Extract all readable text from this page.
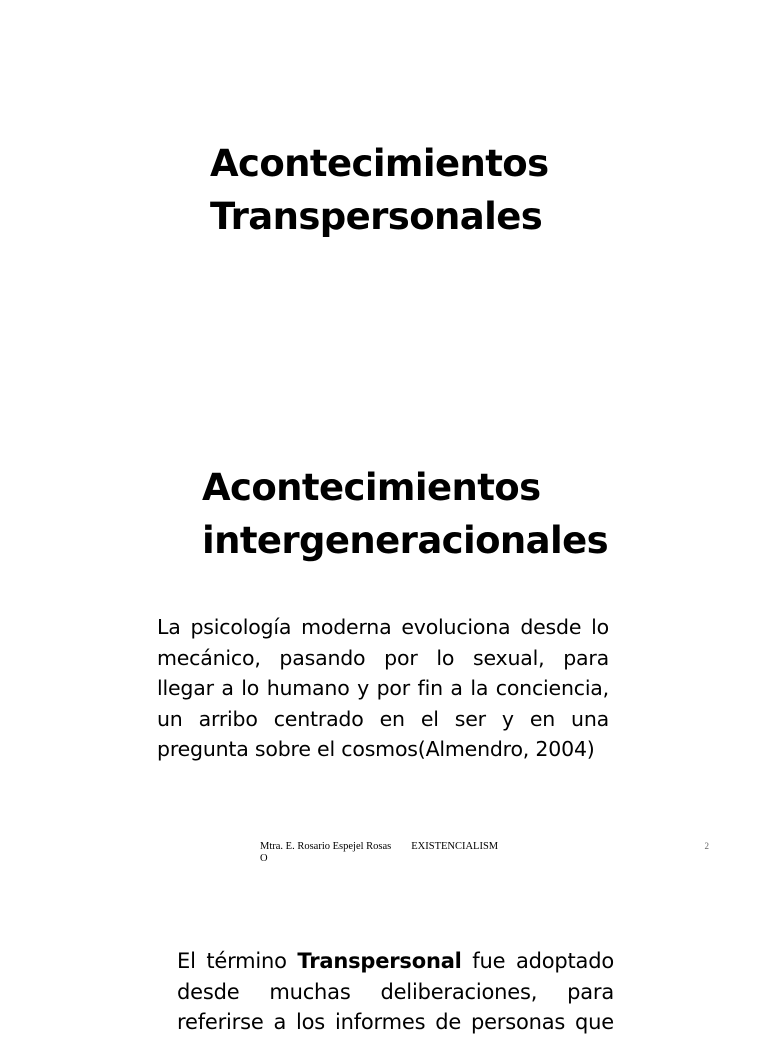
Acontecimientos
Transpersonales
Acontecimientos
intergeneracionales

La psicología moderna evoluciona desde lo
mecánico, pasando por lo sexual, para
llegar a lo humano y por fin a la conciencia,
un arribo centrado en el ser y en una
pregunta sobre el cosmos(Almendro, 2004)

Mtra. E. Rosario Espejel Rosas EXISTENCIALISMO

2

El término Transpersonal fue adoptado
desde muchas deliberaciones, para
referirse a los informes de personas que
